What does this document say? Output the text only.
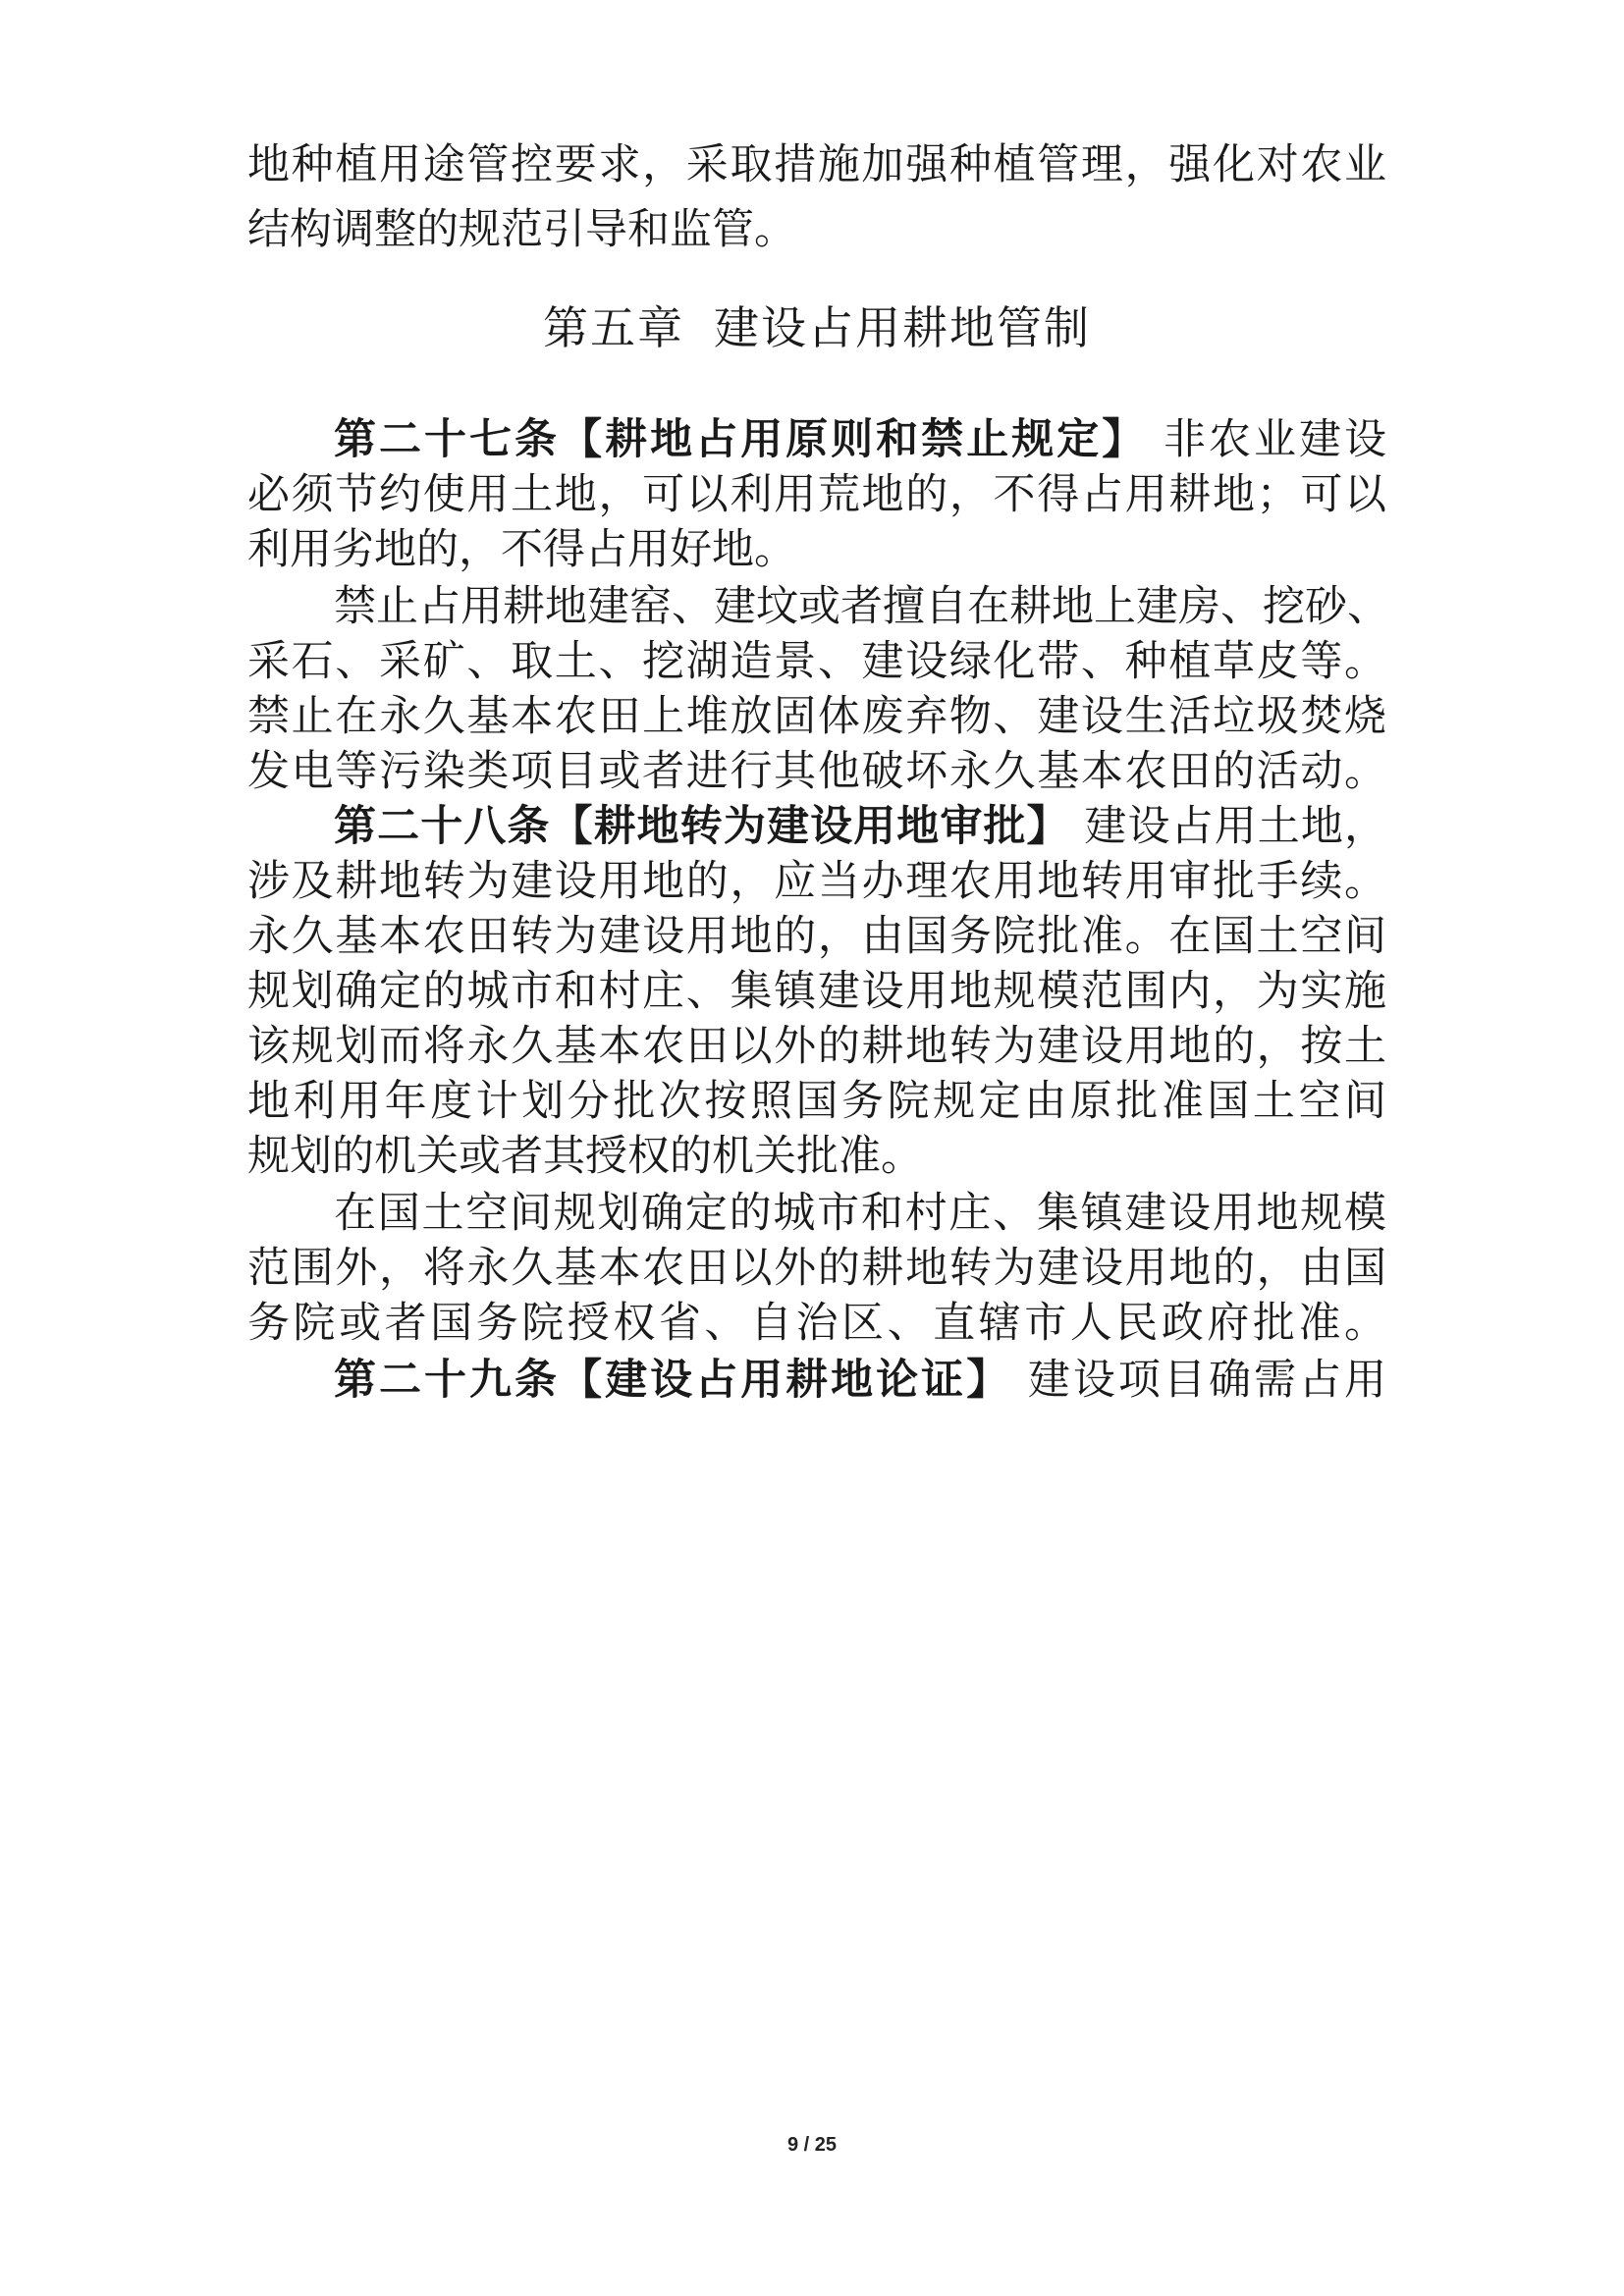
地种植用途管控要求，采取措施加强种植管理，强化对农业
结构调整的规范引导和监管。
第五章 建设占用耕地管制
第二十七条【耕地占用原则和禁止规定】 非农业建设
必须节约使用土地，可以利用荒地的，不得占用耕地；可以
利用劣地的，不得占用好地。
禁止占用耕地建窑、建坟或者擅自在耕地上建房、挖砂、
采石、采矿、取土、挖湖造景、建设绿化带、种植草皮等。
禁止在永久基本农田上堆放固体废弃物、建设生活垃圾焚烧
发电等污染类项目或者进行其他破坏永久基本农田的活动。
第二十八条【耕地转为建设用地审批】 建设占用土地，
涉及耕地转为建设用地的，应当办理农用地转用审批手续。
永久基本农田转为建设用地的，由国务院批准。在国土空间
规划确定的城市和村庄、集镇建设用地规模范围内，为实施
该规划而将永久基本农田以外的耕地转为建设用地的，按土
地利用年度计划分批次按照国务院规定由原批准国土空间
规划的机关或者其授权的机关批准。
在国土空间规划确定的城市和村庄、集镇建设用地规模
范围外，将永久基本农田以外的耕地转为建设用地的，由国
务院或者国务院授权省、自治区、直辖市人民政府批准。
第二十九条【建设占用耕地论证】 建设项目确需占用
9 / 25
